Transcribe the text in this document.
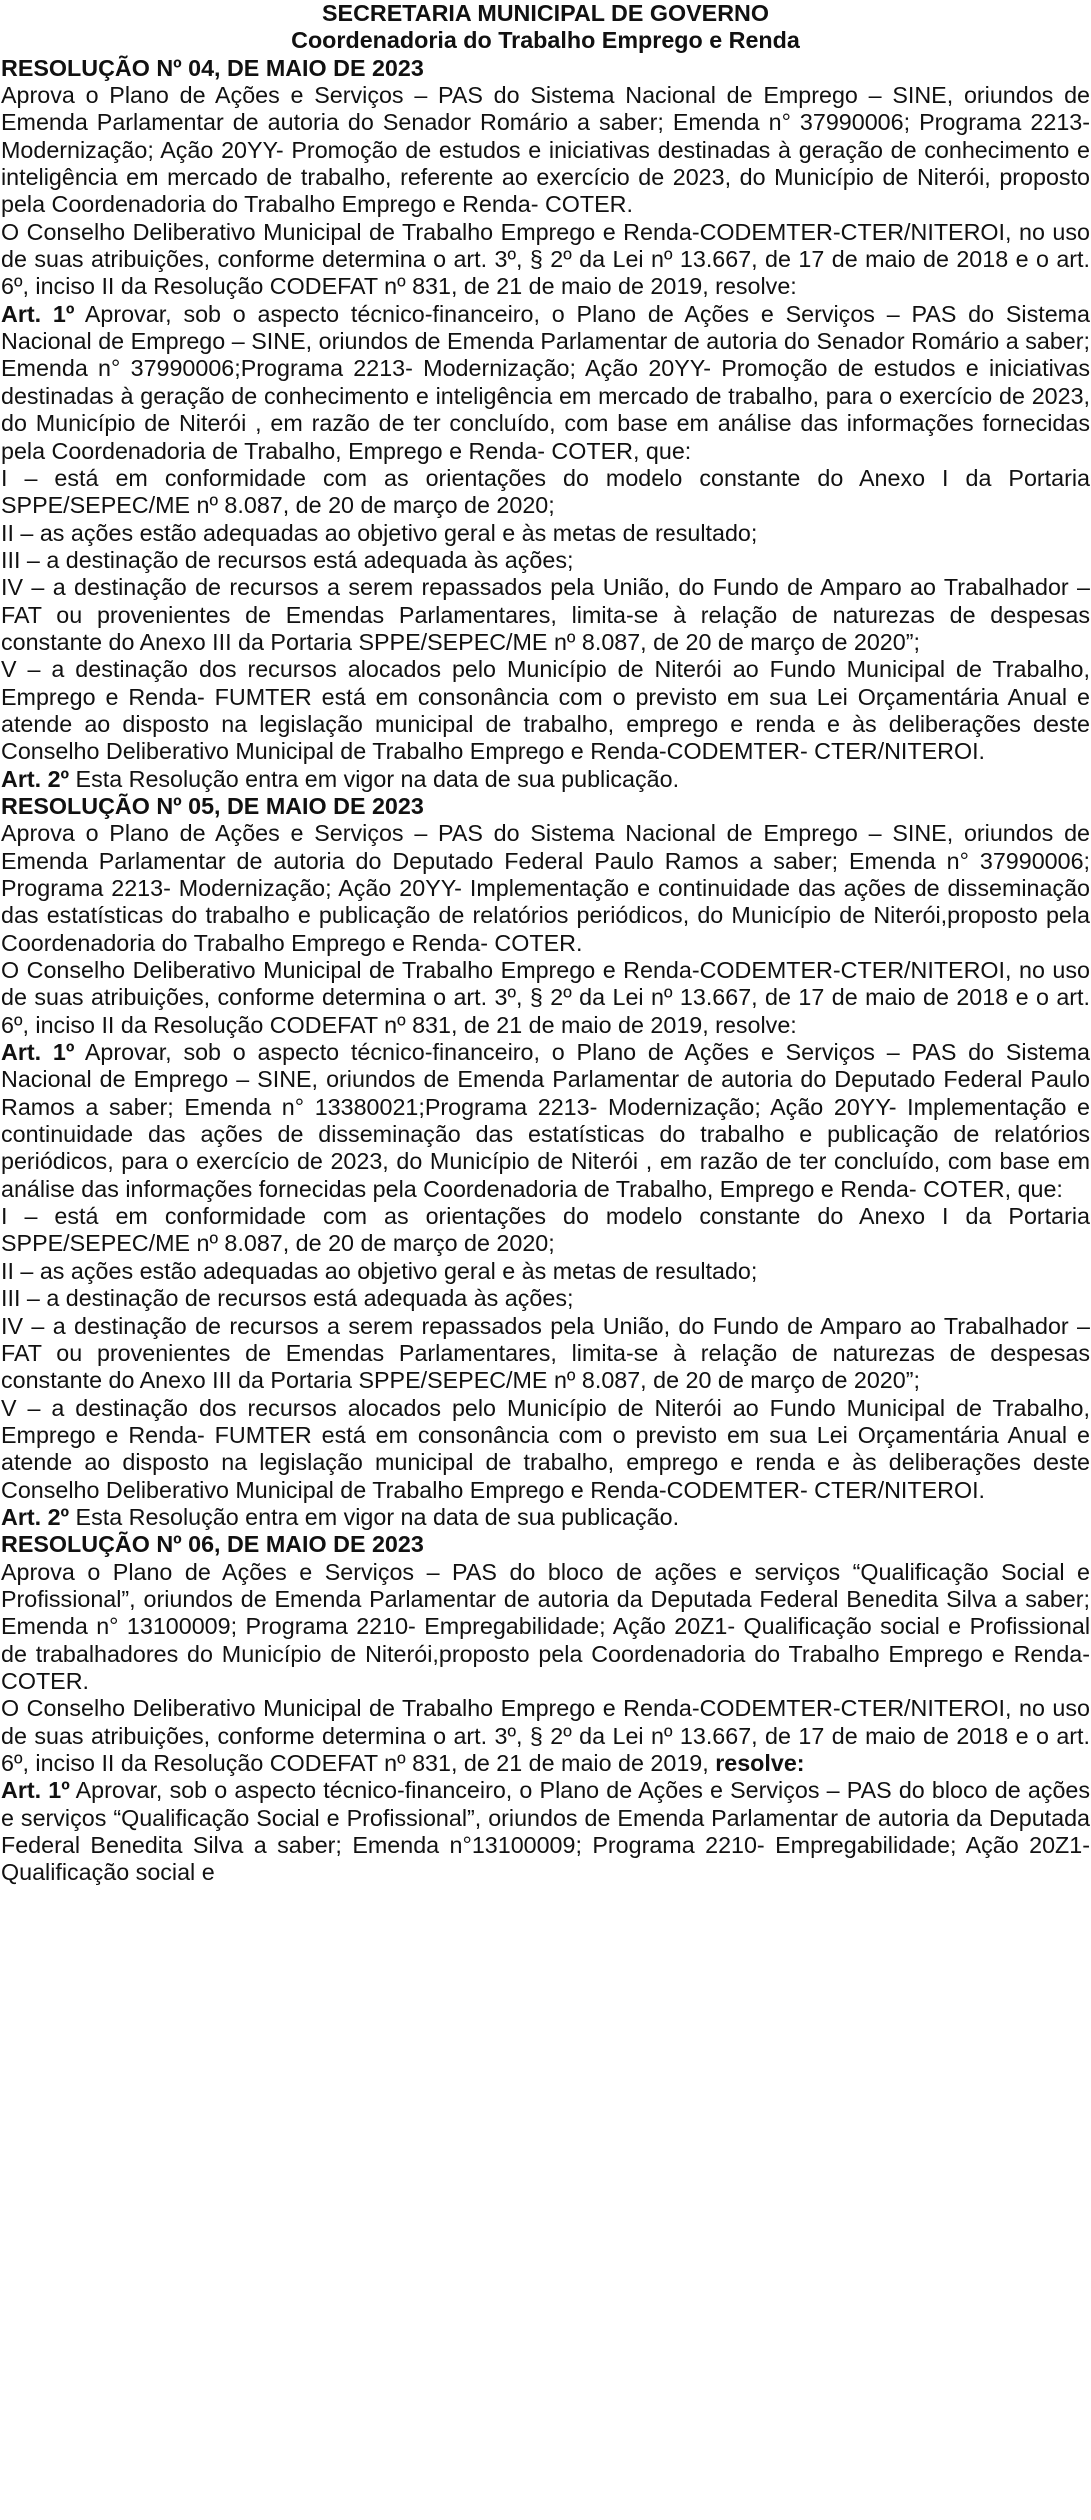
SECRETARIA MUNICIPAL DE GOVERNO

Coordenadoria do Trabalho Emprego e Renda

RESOLUÇÃO Nº 04, DE MAIO DE 2023

Aprova o Plano de Ações e Serviços – PAS do Sistema Nacional de Emprego – SINE, oriundos de Emenda Parlamentar de autoria do Senador Romário a saber; Emenda n° 37990006; Programa 2213- Modernização; Ação 20YY- Promoção de estudos e iniciativas destinadas à geração de conhecimento e inteligência em mercado de trabalho, referente ao exercício de 2023, do Município de Niterói, proposto pela Coordenadoria do Trabalho Emprego e Renda- COTER.

O Conselho Deliberativo Municipal de Trabalho Emprego e Renda-CODEMTER-CTER/NITEROI, no uso de suas atribuições, conforme determina o art. 3º, § 2º da Lei nº 13.667, de 17 de maio de 2018 e o art. 6º, inciso II da Resolução CODEFAT nº 831, de 21 de maio de 2019, resolve:

Art. 1º Aprovar, sob o aspecto técnico-financeiro, o Plano de Ações e Serviços – PAS do Sistema Nacional de Emprego – SINE, oriundos de Emenda Parlamentar de autoria do Senador Romário a saber; Emenda n° 37990006;Programa 2213- Modernização; Ação 20YY- Promoção de estudos e iniciativas destinadas à geração de conhecimento e inteligência em mercado de trabalho, para o exercício de 2023, do Município de Niterói , em razão de ter concluído, com base em análise das informações fornecidas pela Coordenadoria de Trabalho, Emprego e Renda- COTER, que:

I – está em conformidade com as orientações do modelo constante do Anexo I da Portaria SPPE/SEPEC/ME nº 8.087, de 20 de março de 2020;

II – as ações estão adequadas ao objetivo geral e às metas de resultado;

III – a destinação de recursos está adequada às ações;

IV – a destinação de recursos a serem repassados pela União, do Fundo de Amparo ao Trabalhador – FAT ou provenientes de Emendas Parlamentares, limita-se à relação de naturezas de despesas constante do Anexo III da Portaria SPPE/SEPEC/ME nº 8.087, de 20 de março de 2020”;

V – a destinação dos recursos alocados pelo Município de Niterói ao Fundo Municipal de Trabalho, Emprego e Renda- FUMTER está em consonância com o previsto em sua Lei Orçamentária Anual e atende ao disposto na legislação municipal de trabalho, emprego e renda e às deliberações deste Conselho Deliberativo Municipal de Trabalho Emprego e Renda-CODEMTER- CTER/NITEROI.

Art. 2º Esta Resolução entra em vigor na data de sua publicação.

RESOLUÇÃO Nº 05, DE MAIO DE 2023

Aprova o Plano de Ações e Serviços – PAS do Sistema Nacional de Emprego – SINE, oriundos de Emenda Parlamentar de autoria do Deputado Federal Paulo Ramos a saber; Emenda n° 37990006; Programa 2213- Modernização; Ação 20YY- Implementação e continuidade das ações de disseminação das estatísticas do trabalho e publicação de relatórios periódicos, do Município de Niterói,proposto pela Coordenadoria do Trabalho Emprego e Renda- COTER.

O Conselho Deliberativo Municipal de Trabalho Emprego e Renda-CODEMTER-CTER/NITEROI, no uso de suas atribuições, conforme determina o art. 3º, § 2º da Lei nº 13.667, de 17 de maio de 2018 e o art. 6º, inciso II da Resolução CODEFAT nº 831, de 21 de maio de 2019, resolve:

Art. 1º Aprovar, sob o aspecto técnico-financeiro, o Plano de Ações e Serviços – PAS do Sistema Nacional de Emprego – SINE, oriundos de Emenda Parlamentar de autoria do Deputado Federal Paulo Ramos a saber; Emenda n° 13380021;Programa 2213- Modernização; Ação 20YY- Implementação e continuidade das ações de disseminação das estatísticas do trabalho e publicação de relatórios periódicos, para o exercício de 2023, do Município de Niterói , em razão de ter concluído, com base em análise das informações fornecidas pela Coordenadoria de Trabalho, Emprego e Renda- COTER, que:

I – está em conformidade com as orientações do modelo constante do Anexo I da Portaria SPPE/SEPEC/ME nº 8.087, de 20 de março de 2020;

II – as ações estão adequadas ao objetivo geral e às metas de resultado;

III – a destinação de recursos está adequada às ações;

IV – a destinação de recursos a serem repassados pela União, do Fundo de Amparo ao Trabalhador – FAT ou provenientes de Emendas Parlamentares, limita-se à relação de naturezas de despesas constante do Anexo III da Portaria SPPE/SEPEC/ME nº 8.087, de 20 de março de 2020”;

V – a destinação dos recursos alocados pelo Município de Niterói ao Fundo Municipal de Trabalho, Emprego e Renda- FUMTER está em consonância com o previsto em sua Lei Orçamentária Anual e atende ao disposto na legislação municipal de trabalho, emprego e renda e às deliberações deste Conselho Deliberativo Municipal de Trabalho Emprego e Renda-CODEMTER- CTER/NITEROI.

Art. 2º Esta Resolução entra em vigor na data de sua publicação.

RESOLUÇÃO Nº 06, DE MAIO DE 2023

Aprova o Plano de Ações e Serviços – PAS do bloco de ações e serviços “Qualificação Social e Profissional”, oriundos de Emenda Parlamentar de autoria da Deputada Federal Benedita Silva a saber; Emenda n° 13100009; Programa 2210- Empregabilidade; Ação 20Z1- Qualificação social e Profissional de trabalhadores do Município de Niterói,proposto pela Coordenadoria do Trabalho Emprego e Renda- COTER.

O Conselho Deliberativo Municipal de Trabalho Emprego e Renda-CODEMTER-CTER/NITEROI, no uso de suas atribuições, conforme determina o art. 3º, § 2º da Lei nº 13.667, de 17 de maio de 2018 e o art. 6º, inciso II da Resolução CODEFAT nº 831, de 21 de maio de 2019, resolve:

Art. 1º Aprovar, sob o aspecto técnico-financeiro, o Plano de Ações e Serviços – PAS do bloco de ações e serviços “Qualificação Social e Profissional”, oriundos de Emenda Parlamentar de autoria da Deputada Federal Benedita Silva a saber; Emenda n°13100009; Programa 2210- Empregabilidade; Ação 20Z1- Qualificação social e
